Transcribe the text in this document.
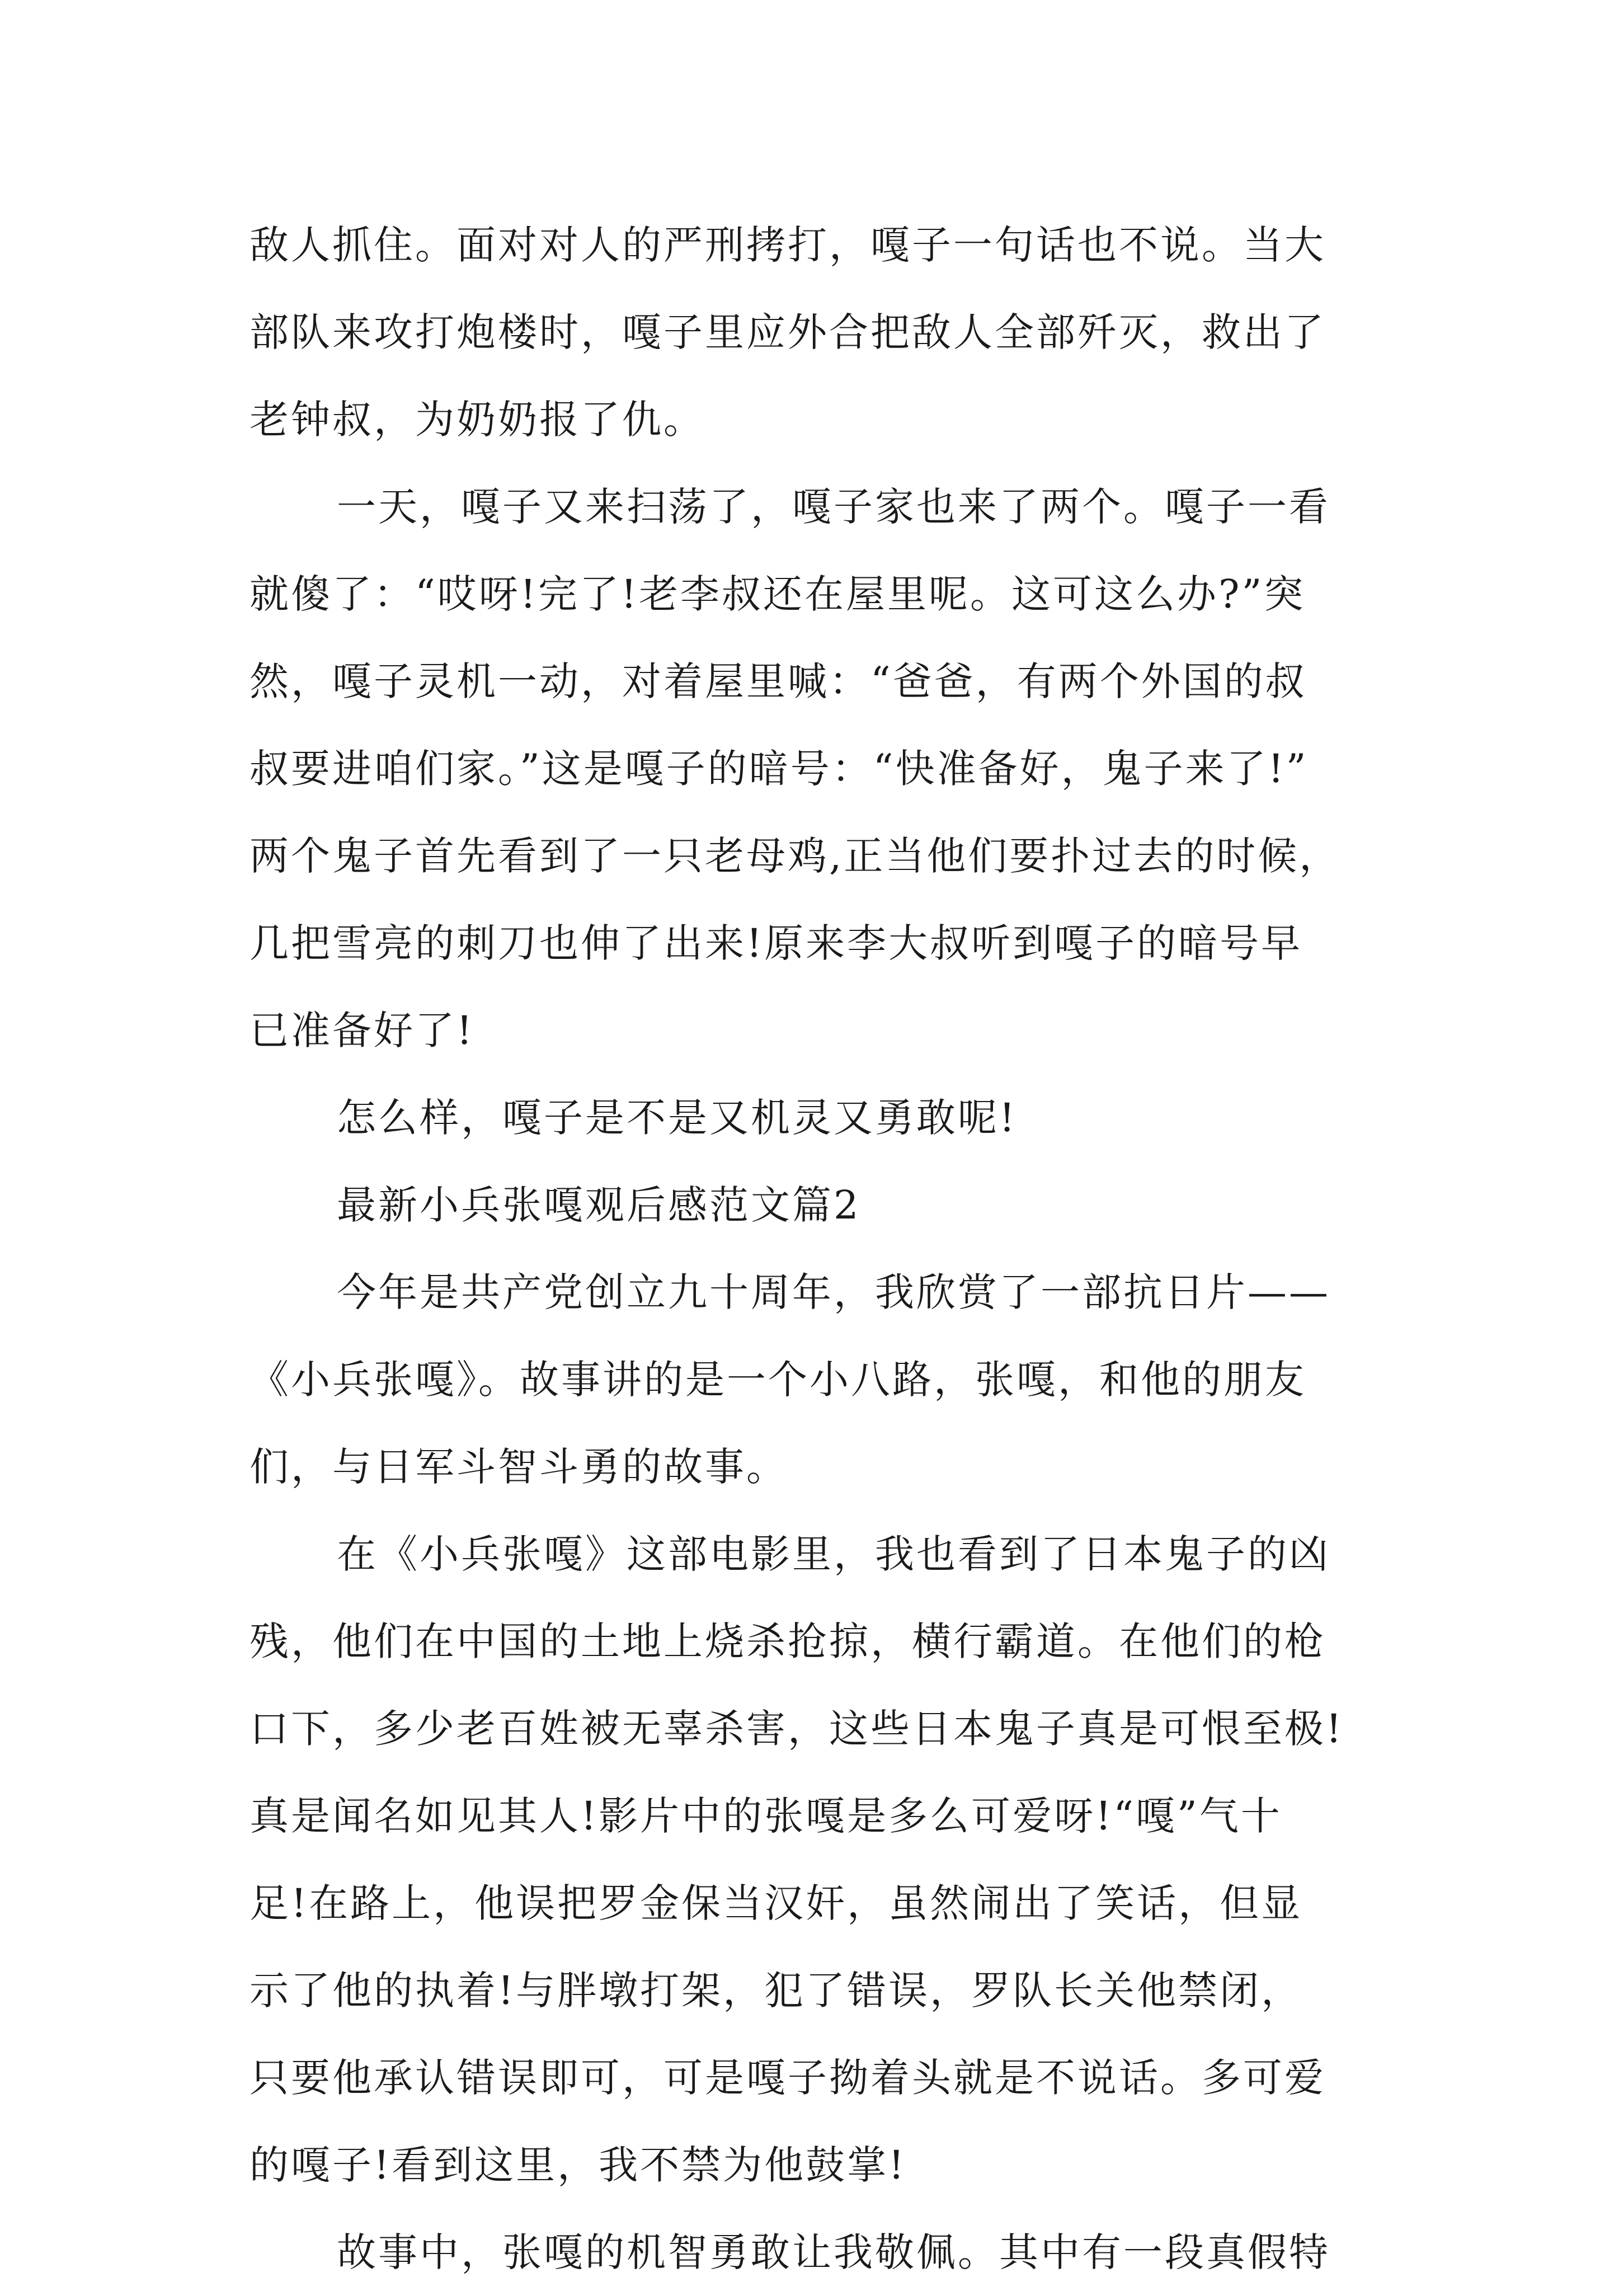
敌人抓住。面对对人的严刑拷打，嘎子一句话也不说。当大
部队来攻打炮楼时，嘎子里应外合把敌人全部歼灭，救出了
老钟叔，为奶奶报了仇。
一天，嘎子又来扫荡了，嘎子家也来了两个。嘎子一看
就傻了：“哎呀!完了!老李叔还在屋里呢。这可这么办?”突
然，嘎子灵机一动，对着屋里喊：“爸爸，有两个外国的叔
叔要进咱们家。”这是嘎子的暗号：“快准备好，鬼子来了!”
两个鬼子首先看到了一只老母鸡,正当他们要扑过去的时候，
几把雪亮的刺刀也伸了出来!原来李大叔听到嘎子的暗号早
已准备好了!
怎么样，嘎子是不是又机灵又勇敢呢!
最新小兵张嘎观后感范文篇2
今年是共产党创立九十周年，我欣赏了一部抗日片——
《小兵张嘎》。故事讲的是一个小八路，张嘎，和他的朋友
们，与日军斗智斗勇的故事。
在《小兵张嘎》这部电影里，我也看到了日本鬼子的凶
残，他们在中国的土地上烧杀抢掠，横行霸道。在他们的枪
口下，多少老百姓被无辜杀害，这些日本鬼子真是可恨至极!
真是闻名如见其人!影片中的张嘎是多么可爱呀!“嘎”气十
足!在路上，他误把罗金保当汉奸，虽然闹出了笑话，但显
示了他的执着!与胖墩打架，犯了错误，罗队长关他禁闭，
只要他承认错误即可，可是嘎子拗着头就是不说话。多可爱
的嘎子!看到这里，我不禁为他鼓掌!
故事中，张嘎的机智勇敢让我敬佩。其中有一段真假特
